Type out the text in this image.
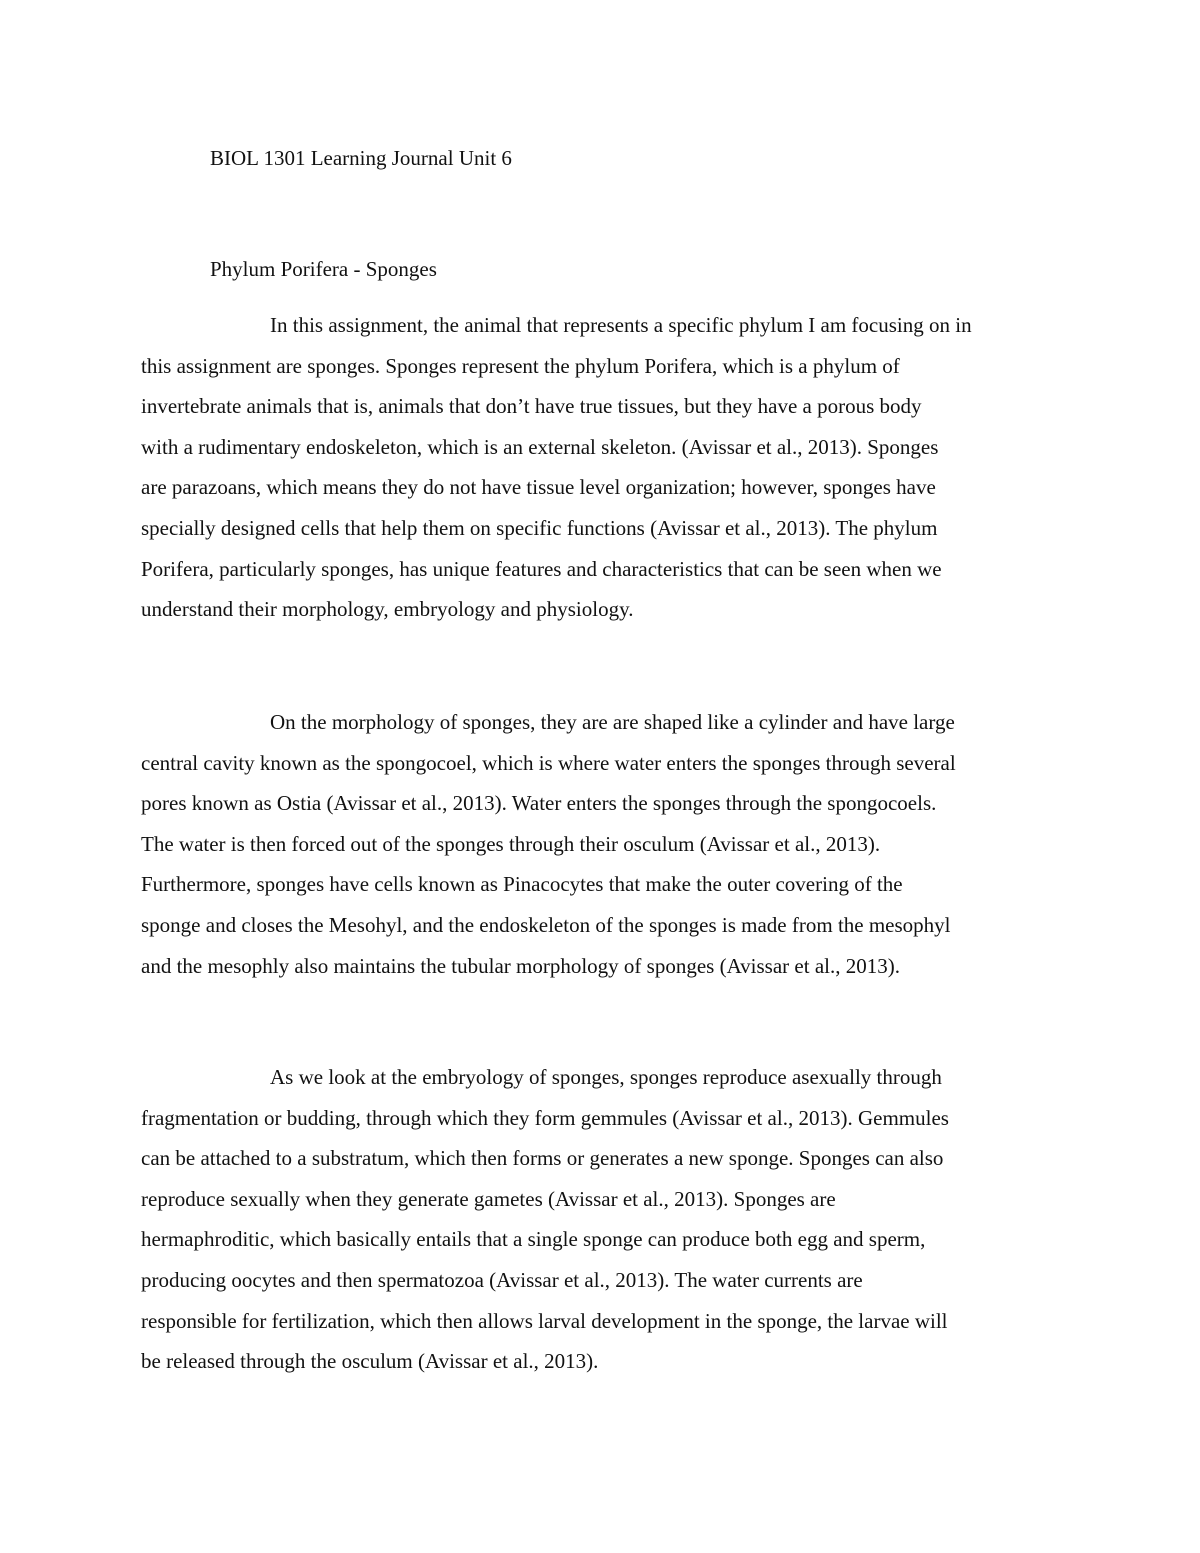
BIOL 1301 Learning Journal Unit 6
Phylum Porifera - Sponges

In this assignment, the animal that represents a specific phylum I am focusing on in
this assignment are sponges. Sponges represent the phylum Porifera, which is a phylum of
invertebrate animals that is, animals that don’t have true tissues, but they have a porous body
with a rudimentary endoskeleton, which is an external skeleton. (Avissar et al., 2013). Sponges
are parazoans, which means they do not have tissue level organization; however, sponges have
specially designed cells that help them on specific functions (Avissar et al., 2013). The phylum
Porifera, particularly sponges, has unique features and characteristics that can be seen when we
understand their morphology, embryology and physiology.

On the morphology of sponges, they are are shaped like a cylinder and have large
central cavity known as the spongocoel, which is where water enters the sponges through several
pores known as Ostia (Avissar et al., 2013). Water enters the sponges through the spongocoels.
The water is then forced out of the sponges through their osculum (Avissar et al., 2013).
Furthermore, sponges have cells known as Pinacocytes that make the outer covering of the
sponge and closes the Mesohyl, and the endoskeleton of the sponges is made from the mesophyl
and the mesophly also maintains the tubular morphology of sponges (Avissar et al., 2013).

As we look at the embryology of sponges, sponges reproduce asexually through
fragmentation or budding, through which they form gemmules (Avissar et al., 2013). Gemmules
can be attached to a substratum, which then forms or generates a new sponge. Sponges can also
reproduce sexually when they generate gametes (Avissar et al., 2013). Sponges are
hermaphroditic, which basically entails that a single sponge can produce both egg and sperm,
producing oocytes and then spermatozoa (Avissar et al., 2013). The water currents are
responsible for fertilization, which then allows larval development in the sponge, the larvae will
be released through the osculum (Avissar et al., 2013).
